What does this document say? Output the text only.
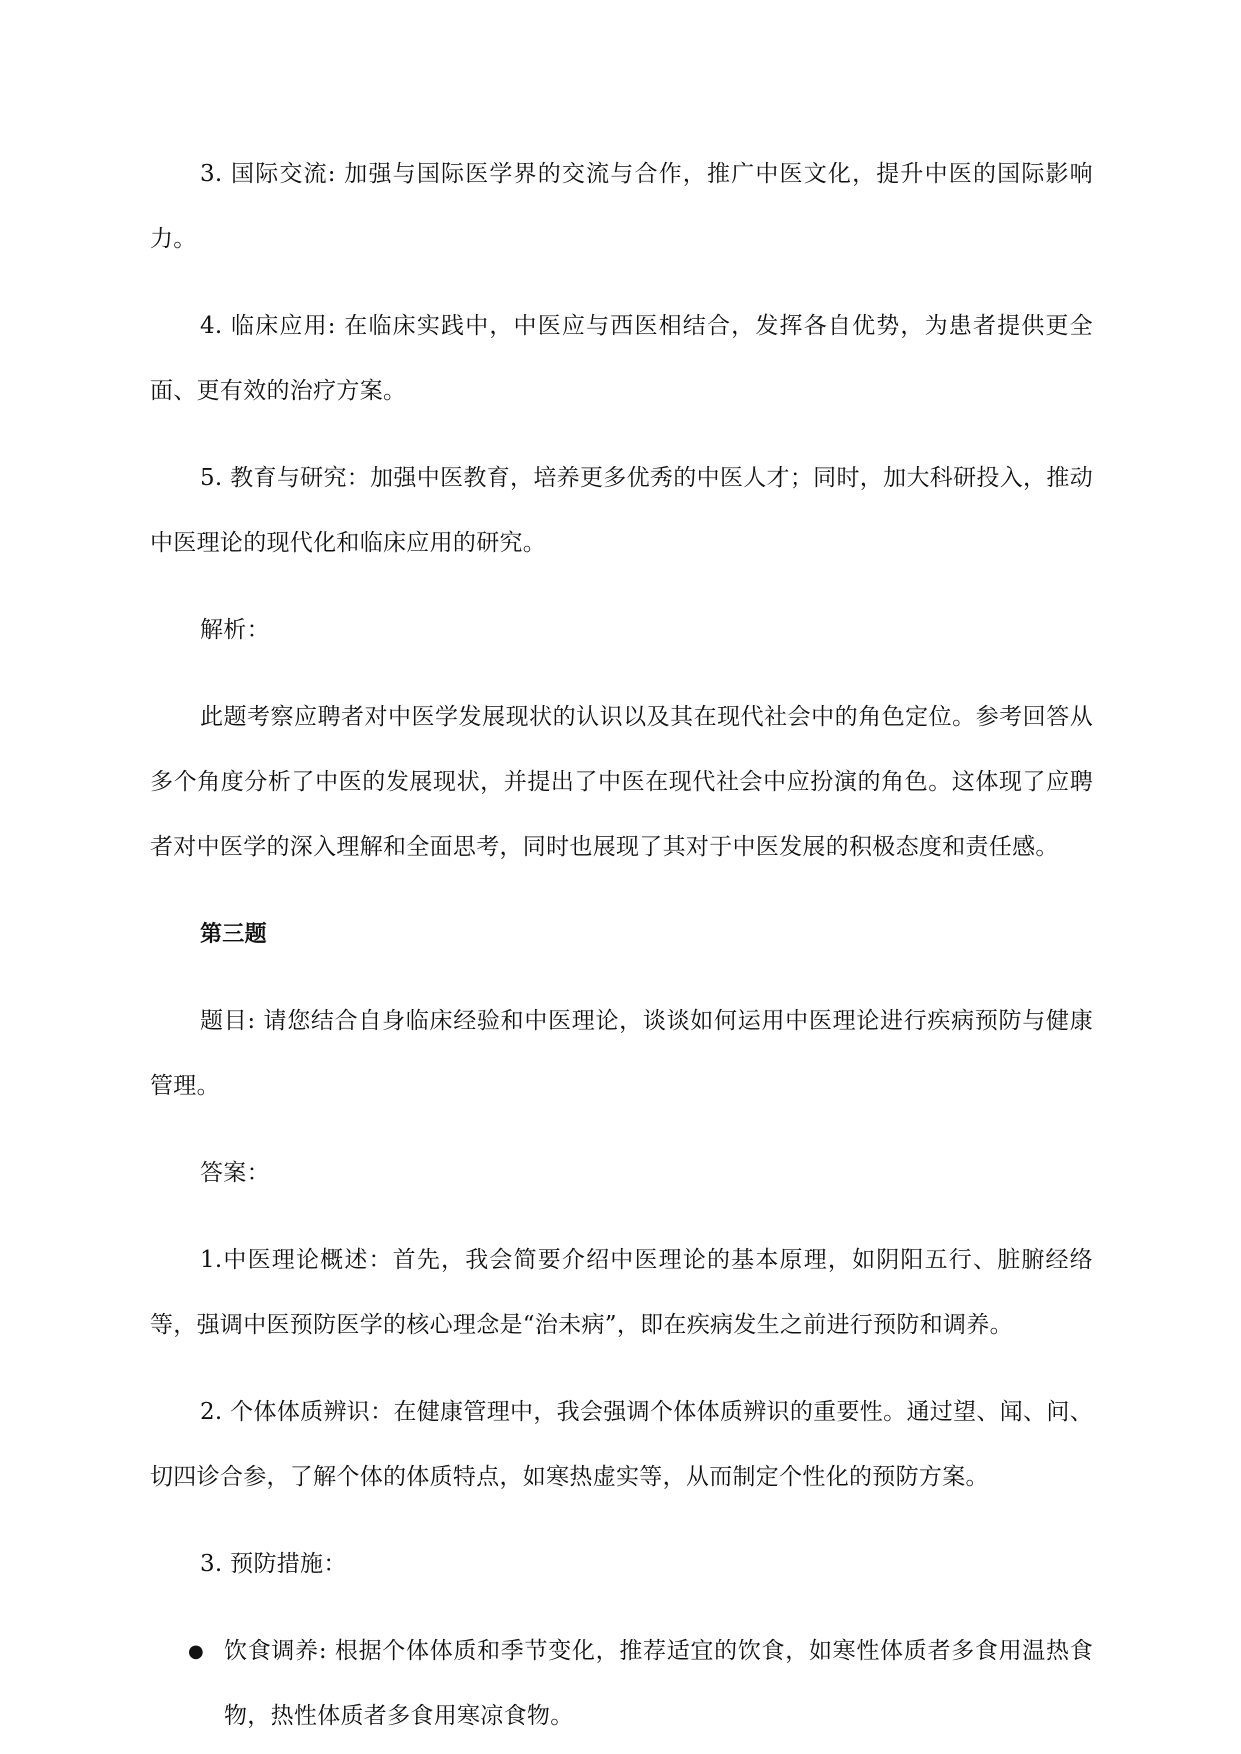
3. 国际交流: 加强与国际医学界的交流与合作，推广中医文化，提升中医的国际影响力。

4. 临床应用: 在临床实践中，中医应与西医相结合，发挥各自优势，为患者提供更全面、更有效的治疗方案。

5. 教育与研究：加强中医教育，培养更多优秀的中医人才；同时，加大科研投入，推动中医理论的现代化和临床应用的研究。

解析：

此题考察应聘者对中医学发展现状的认识以及其在现代社会中的角色定位。参考回答从多个角度分析了中医的发展现状，并提出了中医在现代社会中应扮演的角色。这体现了应聘者对中医学的深入理解和全面思考，同时也展现了其对于中医发展的积极态度和责任感。

第三题

题目: 请您结合自身临床经验和中医理论，谈谈如何运用中医理论进行疾病预防与健康管理。

答案：

1.中医理论概述：首先，我会简要介绍中医理论的基本原理，如阴阳五行、脏腑经络等，强调中医预防医学的核心理念是“治未病”，即在疾病发生之前进行预防和调养。

2. 个体体质辨识：在健康管理中，我会强调个体体质辨识的重要性。通过望、闻、问、切四诊合参，了解个体的体质特点，如寒热虚实等，从而制定个性化的预防方案。

3. 预防措施：

● 饮食调养: 根据个体体质和季节变化，推荐适宜的饮食，如寒性体质者多食用温热食物，热性体质者多食用寒凉食物。
